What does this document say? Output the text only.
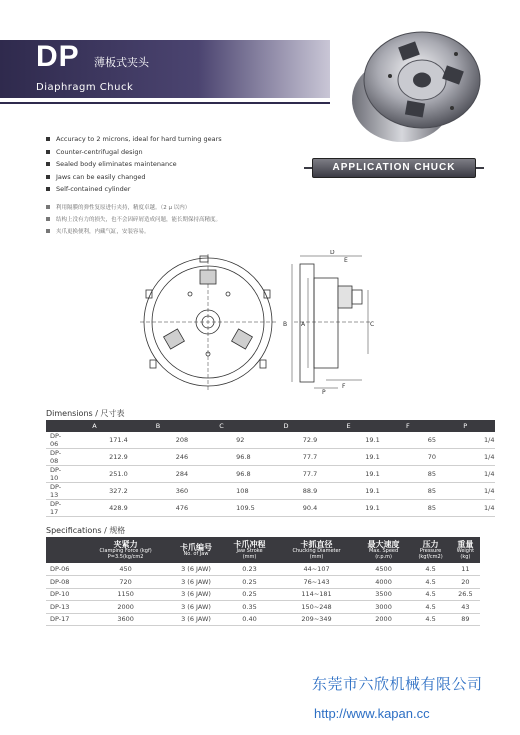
DP 薄板式夹头
Diaphragm Chuck
APPLICATION CHUCK
Accuracy to 2 microns, ideal for hard turning gears
Counter-centrifugal design
Sealed body eliminates maintenance
Jaws can be easily changed
Self-contained cylinder
利用隔膜的弹性复原进行夹持，精度卓越。（2 μ 以内）
结构上没有力的损失，也不会因碎屑造成问题，能长期保持高精度。
夹爪更换便利，内藏气缸，安装容易。
D
E
B A	C
F
P
Dimensions / 尺寸表
	A	B	C	D	E	F	P
DP-06	171.4	208	92	72.9	19.1	65	1/4
DP-08	212.9	246	96.8	77.7	19.1	70	1/4
DP-10	251.0	284	96.8	77.7	19.1	85	1/4
DP-13	327.2	360	108	88.9	19.1	85	1/4
DP-17	428.9	476	109.5	90.4	19.1	85	1/4
Specifications / 规格

	夹紧力
Clamping Force (kgf)
P=3.5(kg/cm2	卡爪编号
No. of Jaw	卡爪冲程
Jaw Stroke
(mm)	卡抓直径
Chucking Diameter
(mm)	最大速度
Max. Speed
(r.p.m)	压力
Pressure
(kgf/cm2)	重量
Weight
(kg)

DP-06	450	3 (6 JAW)	0.23	44~107	4500	4.5	11
DP-08	720	3 (6 JAW)	0.25	76~143	4000	4.5	20
DP-10	1150	3 (6 JAW)	0.25	114~181	3500	4.5	26.5
DP-13	2000	3 (6 JAW)	0.35	150~248	3000	4.5	43
DP-17	3600	3 (6 JAW)	0.40	209~349	2000	4.5	89
东莞市六欣机械有限公司
http://www.kapan.cc
